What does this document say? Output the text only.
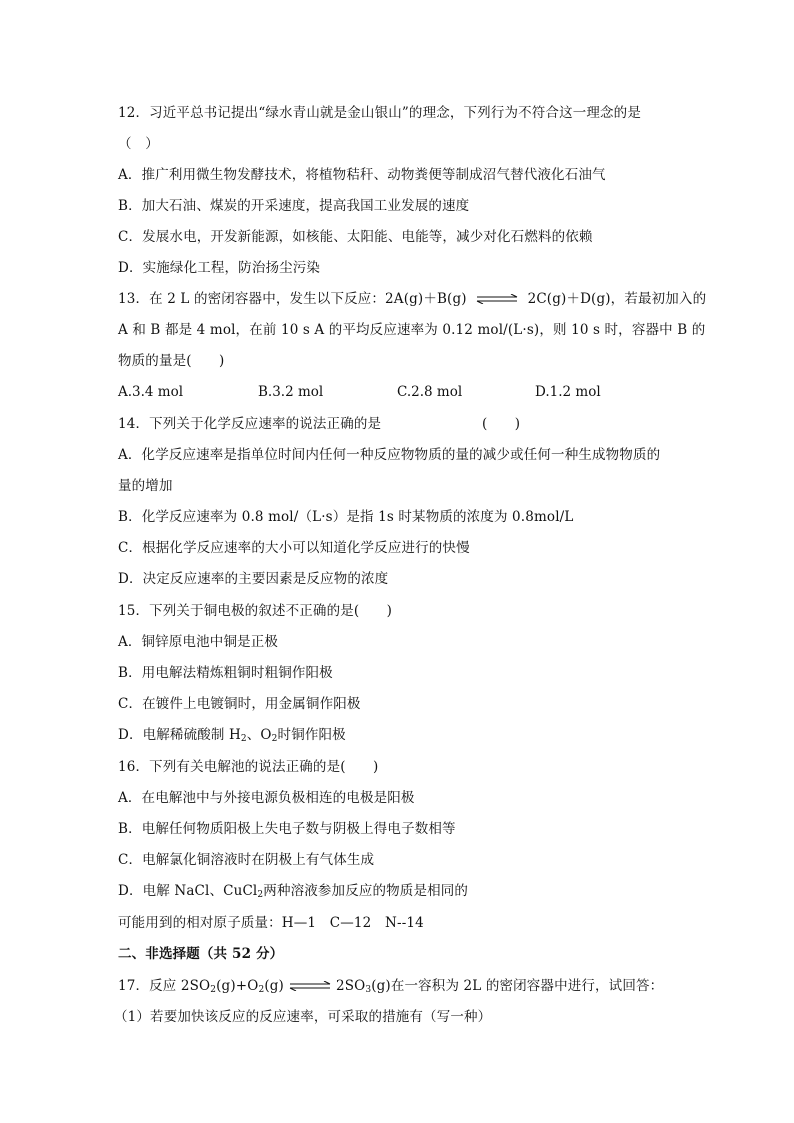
12．习近平总书记提出“绿水青山就是金山银山”的理念，下列行为不符合这一理念的是
（　）
A．推广利用微生物发酵技术，将植物秸秆、动物粪便等制成沼气替代液化石油气
B．加大石油、煤炭的开采速度，提高我国工业发展的速度
C．发展水电，开发新能源，如核能、太阳能、电能等，减少对化石燃料的依赖
D．实施绿化工程，防治扬尘污染
13．在 2 L 的密闭容器中，发生以下反应：2A(g)＋B(g) ⇌ 2C(g)＋D(g)，若最初加入的
A 和 B 都是 4 mol，在前 10 s A 的平均反应速率为 0.12 mol/(L·s)，则 10 s 时，容器中 B 的
物质的量是(　　)
A.3.4 mol	B.3.2 mol	C.2.8 mol	D.1.2 mol
14．下列关于化学反应速率的说法正确的是	(　　)
A．化学反应速率是指单位时间内任何一种反应物物质的量的减少或任何一种生成物物质的
量的增加
B．化学反应速率为 0.8 mol/（L·s）是指 1s 时某物质的浓度为 0.8mol/L
C．根据化学反应速率的大小可以知道化学反应进行的快慢
D．决定反应速率的主要因素是反应物的浓度
15．下列关于铜电极的叙述不正确的是(　　)
A．铜锌原电池中铜是正极
B．用电解法精炼粗铜时粗铜作阳极
C．在镀件上电镀铜时，用金属铜作阳极
D．电解稀硫酸制 $H_2$、$O_2$时铜作阳极
16．下列有关电解池的说法正确的是(　　)
A．在电解池中与外接电源负极相连的电极是阳极
B．电解任何物质阳极上失电子数与阴极上得电子数相等
C．电解氯化铜溶液时在阴极上有气体生成
D．电解 NaCl、CuCl$_2$两种溶液参加反应的物质是相同的
可能用到的相对原子质量：H—1　C—12　N--14
二、非选择题（共 52 分）
17．反应 $2SO_2(g)+O_2(g)$ ⇌ $2SO_3(g)$在一容积为 2L 的密闭容器中进行，试回答：
（1）若要加快该反应的反应速率，可采取的措施有（写一种）
